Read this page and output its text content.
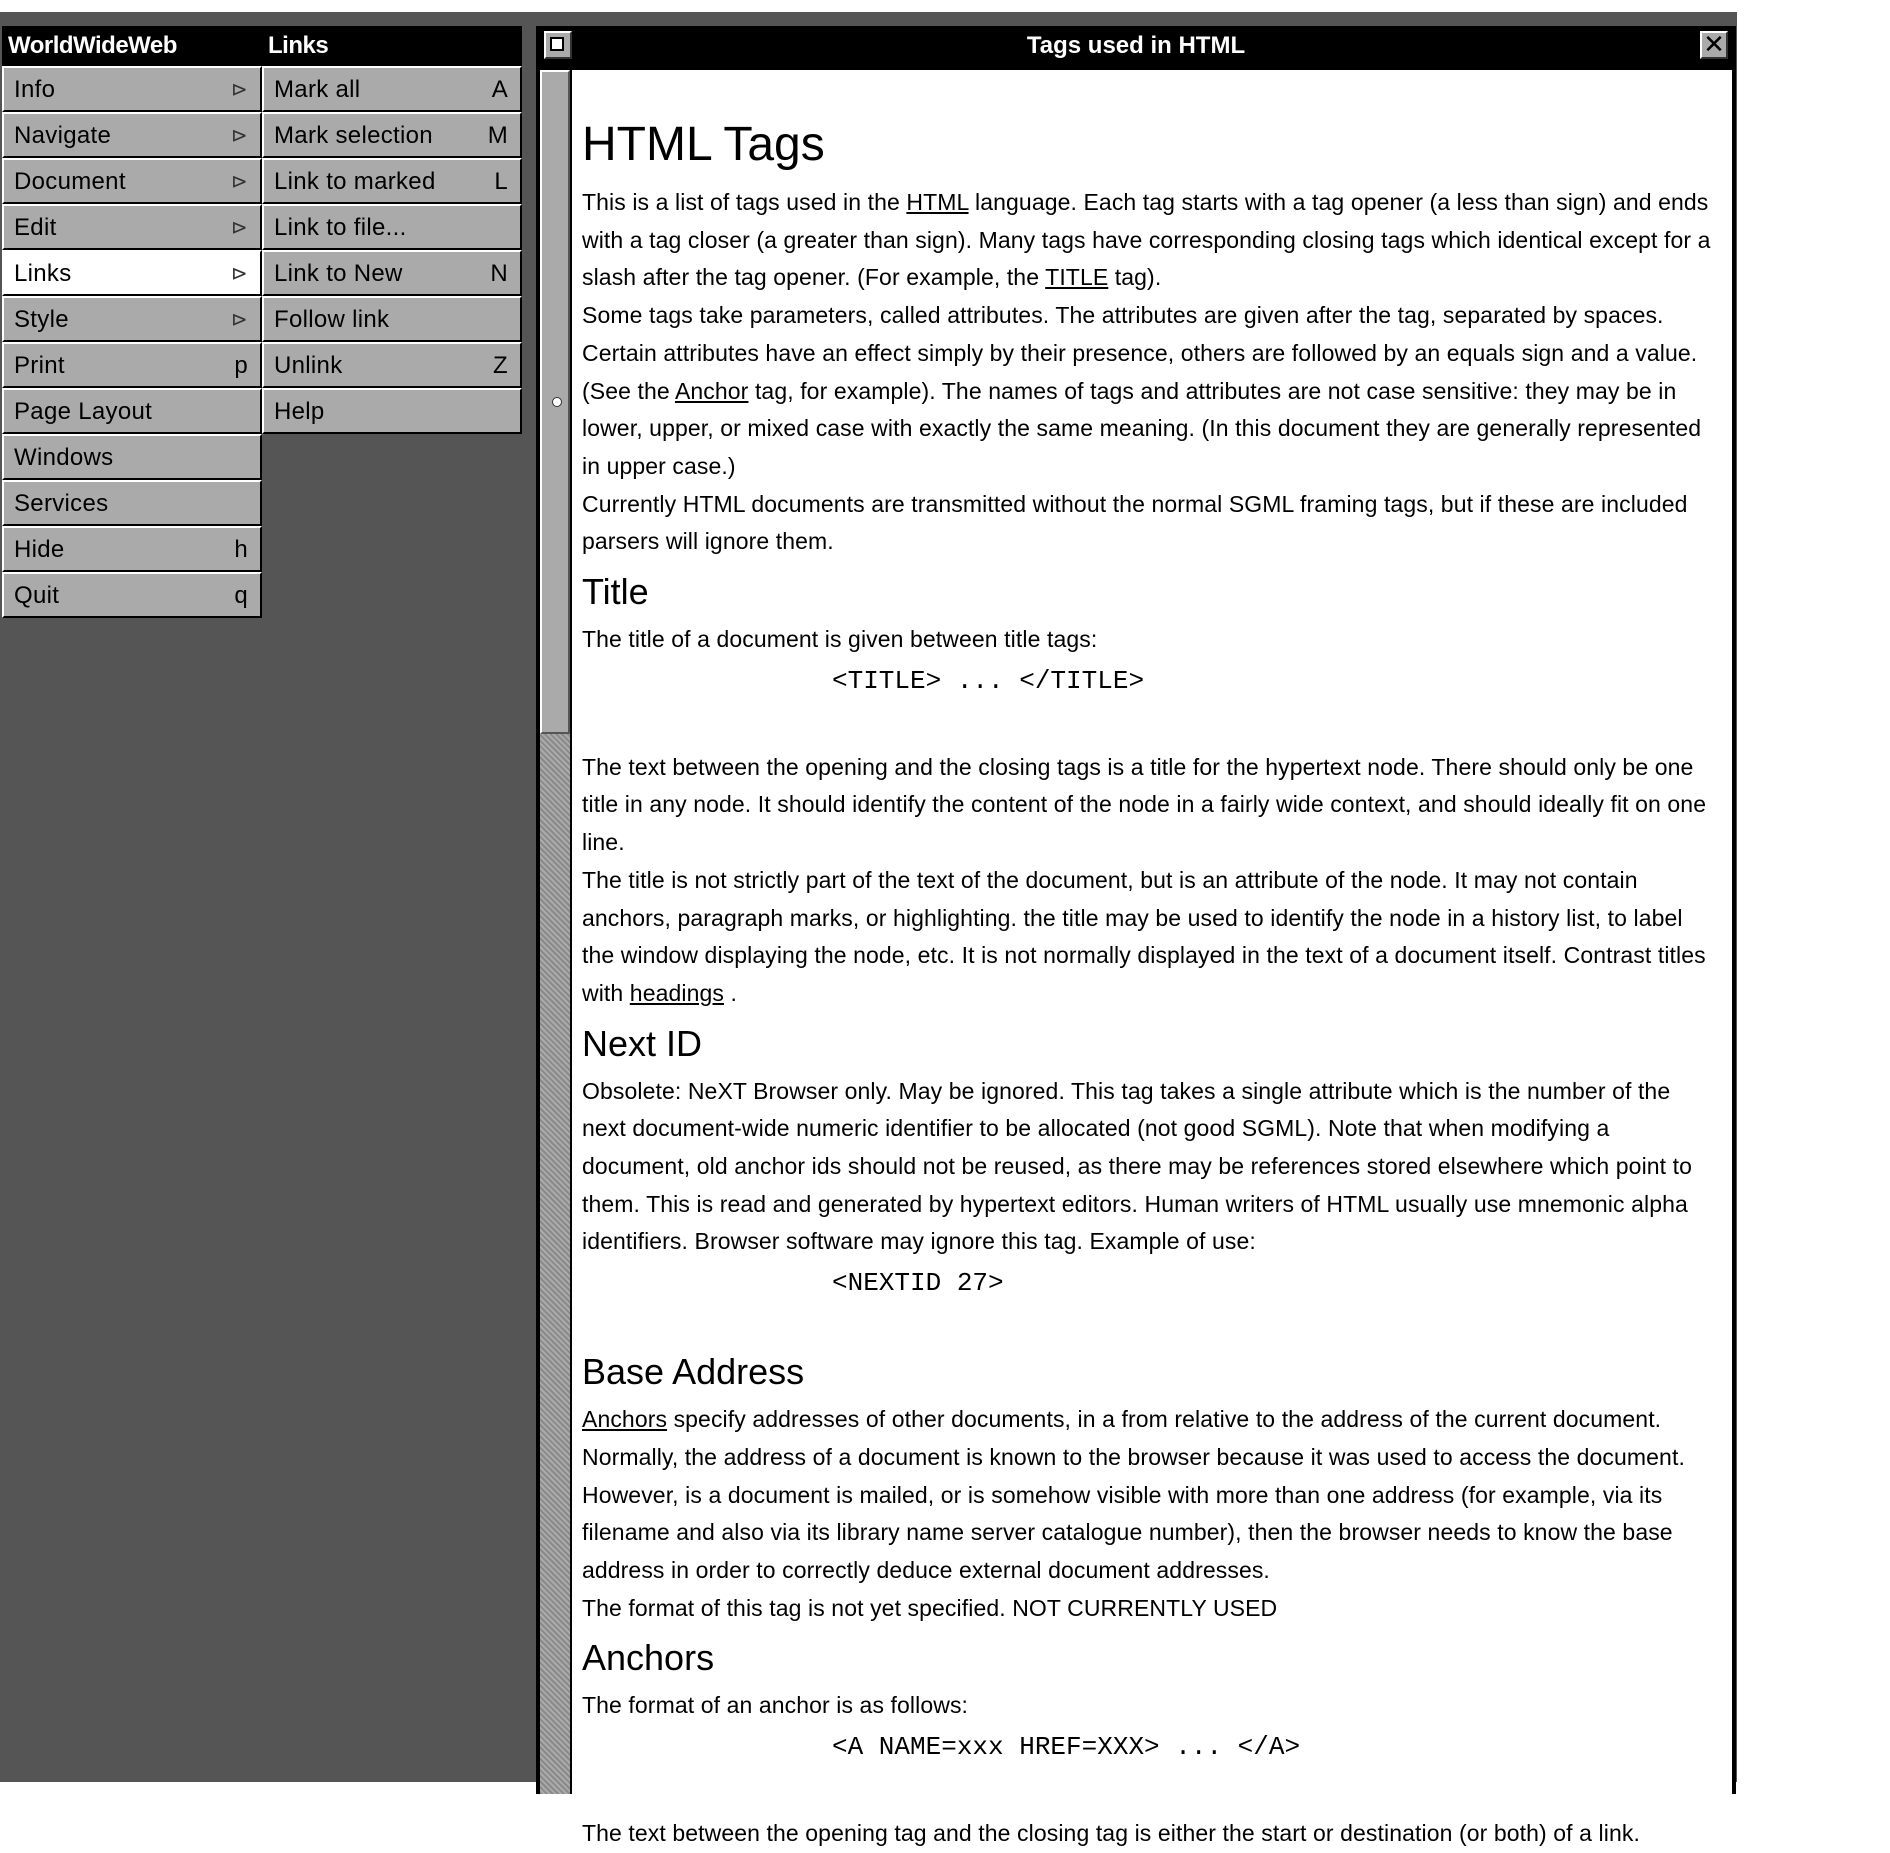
WorldWideWeb
Info	⊳
Navigate	⊳
Document	⊳
Edit	⊳
Links	⊳
Style	⊳
Print	p
Page Layout
Windows
Services
Hide	h
Quit	q
Links
Mark all	A
Mark selection M
Link to marked L
Link to file...
Link to New	N
Follow link
Unlink	Z
Help
Tags used in HTML	✕
HTML Tags

This is a list of tags used in the HTML language. Each tag starts with a tag opener (a less than sign) and ends with a tag closer (a greater than sign). Many tags have corresponding closing tags which identical except for a slash after the tag opener. (For example, the TITLE tag).

Some tags take parameters, called attributes. The attributes are given after the tag, separated by spaces. Certain attributes have an effect simply by their presence, others are followed by an equals sign and a value. (See the Anchor tag, for example). The names of tags and attributes are not case sensitive: they may be in lower, upper, or mixed case with exactly the same meaning. (In this document they are generally represented in upper case.)

Currently HTML documents are transmitted without the normal SGML framing tags, but if these are included parsers will ignore them.

Title

The title of a document is given between title tags:

<TITLE> ... </TITLE>

The text between the opening and the closing tags is a title for the hypertext node. There should only be one title in any node. It should identify the content of the node in a fairly wide context, and should ideally fit on one line.

The title is not strictly part of the text of the document, but is an attribute of the node. It may not contain anchors, paragraph marks, or highlighting. the title may be used to identify the node in a history list, to label the window displaying the node, etc. It is not normally displayed in the text of a document itself. Contrast titles with headings .

Next ID

Obsolete: NeXT Browser only. May be ignored. This tag takes a single attribute which is the number of the next document-wide numeric identifier to be allocated (not good SGML). Note that when modifying a document, old anchor ids should not be reused, as there may be references stored elsewhere which point to them. This is read and generated by hypertext editors. Human writers of HTML usually use mnemonic alpha identifiers. Browser software may ignore this tag. Example of use:

<NEXTID 27>
Base Address

Anchors specify addresses of other documents, in a from relative to the address of the current document. Normally, the address of a document is known to the browser because it was used to access the document. However, is a document is mailed, or is somehow visible with more than one address (for example, via its filename and also via its library name server catalogue number), then the browser needs to know the base address in order to correctly deduce external document addresses.

The format of this tag is not yet specified. NOT CURRENTLY USED

Anchors

The format of an anchor is as follows:

<A NAME=xxx HREF=XXX> ... </A>

The text between the opening tag and the closing tag is either the start or destination (or both) of a link.
